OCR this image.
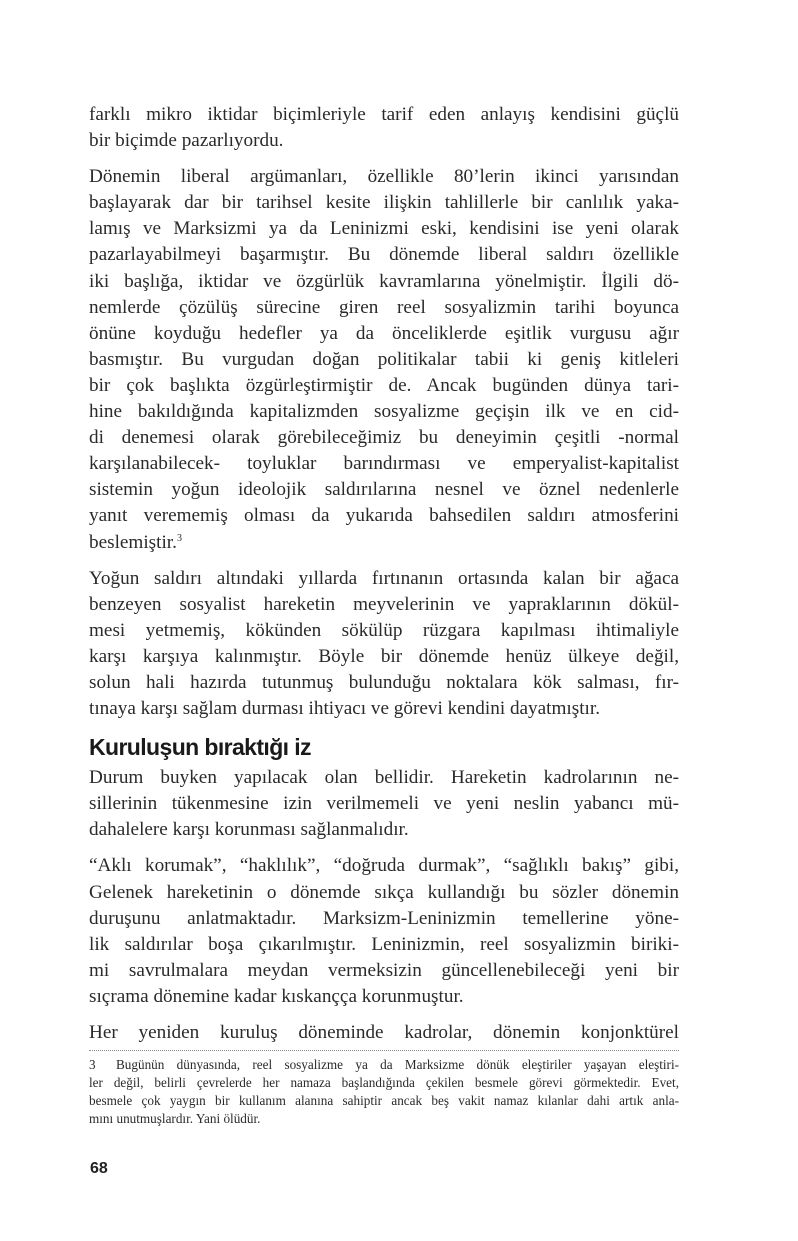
farklı mikro iktidar biçimleriyle tarif eden anlayış kendisini güçlü
bir biçimde pazarlıyordu.

Dönemin liberal argümanları, özellikle 80’lerin ikinci yarısından
başlayarak dar bir tarihsel kesite ilişkin tahlillerle bir canlılık yaka-
lamış ve Marksizmi ya da Leninizmi eski, kendisini ise yeni olarak
pazarlayabilmeyi başarmıştır. Bu dönemde liberal saldırı özellikle
iki başlığa, iktidar ve özgürlük kavramlarına yönelmiştir. İlgili dö-
nemlerde çözülüş sürecine giren reel sosyalizmin tarihi boyunca
önüne koyduğu hedefler ya da önceliklerde eşitlik vurgusu ağır
basmıştır. Bu vurgudan doğan politikalar tabii ki geniş kitleleri
bir çok başlıkta özgürleştirmiştir de. Ancak bugünden dünya tari-
hine bakıldığında kapitalizmden sosyalizme geçişin ilk ve en cid-
di denemesi olarak görebileceğimiz bu deneyimin çeşitli -normal
karşılanabilecek- toyluklar barındırması ve emperyalist-kapitalist
sistemin yoğun ideolojik saldırılarına nesnel ve öznel nedenlerle
yanıt verememiş olması da yukarıda bahsedilen saldırı atmosferini
beslemiştir.$^3$

Yoğun saldırı altındaki yıllarda fırtınanın ortasında kalan bir ağaca
benzeyen sosyalist hareketin meyvelerinin ve yapraklarının dökül-
mesi yetmemiş, kökünden sökülüp rüzgara kapılması ihtimaliyle
karşı karşıya kalınmıştır. Böyle bir dönemde henüz ülkeye değil,
solun hali hazırda tutunmuş bulunduğu noktalara kök salması, fır-
tınaya karşı sağlam durması ihtiyacı ve görevi kendini dayatmıştır.

Kuruluşun bıraktığı iz

Durum buyken yapılacak olan bellidir. Hareketin kadrolarının ne-
sillerinin tükenmesine izin verilmemeli ve yeni neslin yabancı mü-
dahalelere karşı korunması sağlanmalıdır.

“Aklı korumak”, “haklılık”, “doğruda durmak”, “sağlıklı bakış” gibi,
Gelenek hareketinin o dönemde sıkça kullandığı bu sözler dönemin
duruşunu anlatmaktadır. Marksizm-Leninizmin temellerine yöne-
lik saldırılar boşa çıkarılmıştır. Leninizmin, reel sosyalizmin biriki-
mi savrulmalara meydan vermeksizin güncellenebileceği yeni bir
sıçrama dönemine kadar kıskançça korunmuştur.

Her yeniden kuruluş döneminde kadrolar, dönemin konjonktürel

3 Bugünün dünyasında, reel sosyalizme ya da Marksizme dönük eleştiriler yaşayan eleştiri-
ler değil, belirli çevrelerde her namaza başlandığında çekilen besmele görevi görmektedir. Evet,
besmele çok yaygın bir kullanım alanına sahiptir ancak beş vakit namaz kılanlar dahi artık anla-
mını unutmuşlardır. Yani ölüdür.
68
